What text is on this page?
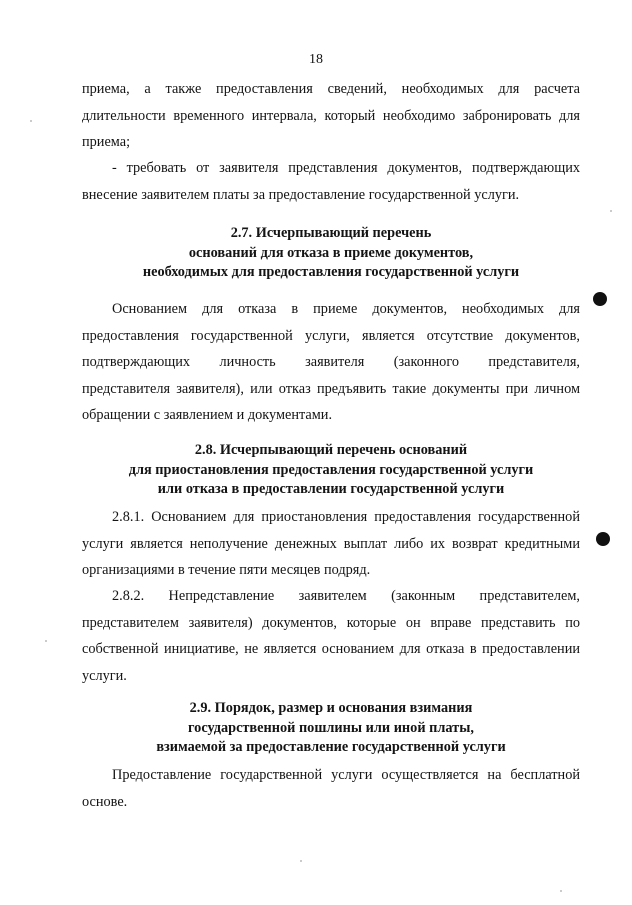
18
приема, а также предоставления сведений, необходимых для расчета
длительности временного интервала, который необходимо забронировать для
приема;
- требовать от заявителя представления документов, подтверждающих
внесение заявителем платы за предоставление государственной услуги.
2.7. Исчерпывающий перечень
оснований для отказа в приеме документов,
необходимых для предоставления государственной услуги
Основанием для отказа в приеме документов, необходимых для
предоставления государственной услуги, является отсутствие документов,
подтверждающих личность заявителя (законного представителя,
представителя заявителя), или отказ предъявить такие документы при личном
обращении с заявлением и документами.
2.8. Исчерпывающий перечень оснований
для приостановления предоставления государственной услуги
или отказа в предоставлении государственной услуги
2.8.1. Основанием для приостановления предоставления государственной
услуги является неполучение денежных выплат либо их возврат кредитными
организациями в течение пяти месяцев подряд.
2.8.2. Непредставление заявителем (законным представителем,
представителем заявителя) документов, которые он вправе представить по
собственной инициативе, не является основанием для отказа в предоставлении
услуги.
2.9. Порядок, размер и основания взимания
государственной пошлины или иной платы,
взимаемой за предоставление государственной услуги
Предоставление государственной услуги осуществляется на бесплатной
основе.
